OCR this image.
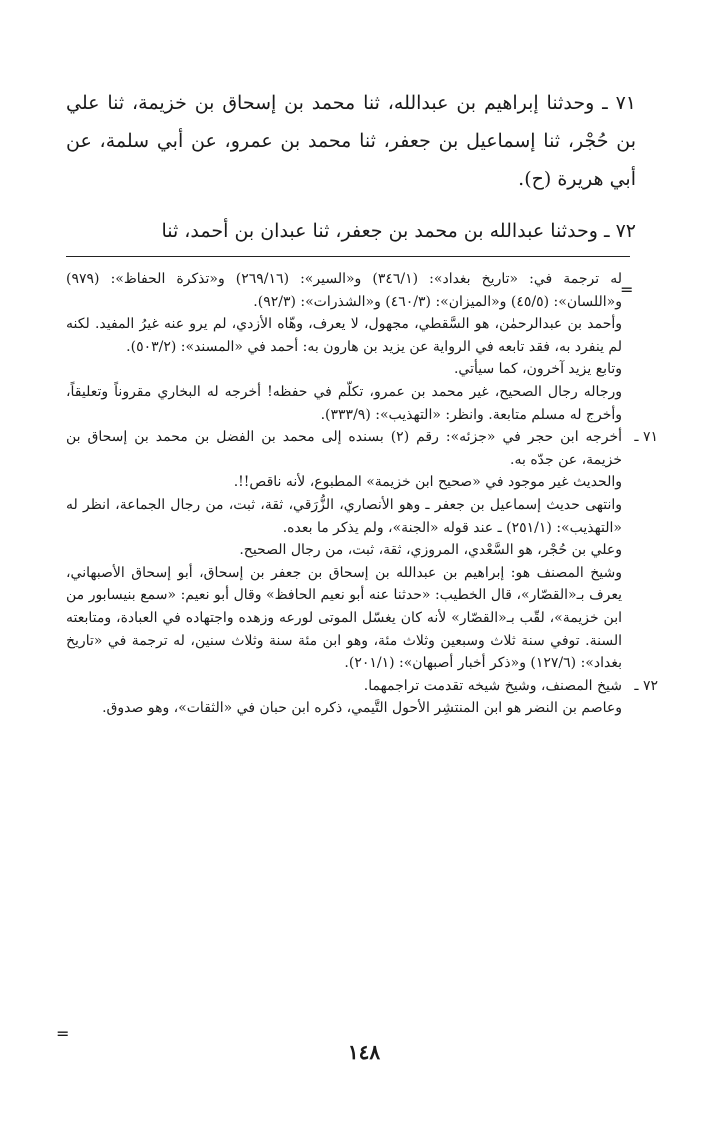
٧١ ـ وحدثنا إبراهيم بن عبدالله، ثنا محمد بن إسحاق بن خزيمة، ثنا علي بن حُجْر، ثنا إسماعيل بن جعفر، ثنا محمد بن عمرو، عن أبي سلمة، عن أبي هريرة (ح).

٧٢ ـ وحدثنا عبدالله بن محمد بن جعفر، ثنا عبدان بن أحمد، ثنا

=

له ترجمة في: «تاريخ بغداد»: (٣٤٦/١) و«السير»: (٢٦٩/١٦) و«تذكرة الحفاظ»: (٩٧٩) و«اللسان»: (٤٥/٥) و«الميزان»: (٤٦٠/٣) و«الشذرات»: (٩٢/٣).

وأحمد بن عبدالرحمٰن، هو السَّقطي، مجهول، لا يعرف، وهّاه الأزدي، لم يرو عنه غيرُ المفيد. لكنه لم ينفرد به، فقد تابعه في الرواية عن يزيد بن هارون به: أحمد في «المسند»: (٥٠٣/٢).

وتابع يزيد آخرون، كما سيأتي.

ورجاله رجال الصحيح، غير محمد بن عمرو، تكلّم في حفظه! أخرجه له البخاري مقروناً وتعليقاً، وأخرج له مسلم متابعة. وانظر: «التهذيب»: (٣٣٣/٩).

٧١ ـ

أخرجه ابن حجر في «جزئه»: رقم (٢) بسنده إلى محمد بن الفضل بن محمد بن إسحاق بن خزيمة، عن جدّه به.

والحديث غير موجود في «صحيح ابن خزيمة» المطبوع، لأنه ناقص!!.

وانتهى حديث إسماعيل بن جعفر ـ وهو الأنصاري، الزُّرَقي، ثقة، ثبت، من رجال الجماعة، انظر له «التهذيب»: (٢٥١/١) ـ عند قوله «الجنة»، ولم يذكر ما بعده.

وعلي بن حُجْر، هو السَّعْدي، المروزي، ثقة، ثبت، من رجال الصحيح.

وشيخ المصنف هو: إبراهيم بن عبدالله بن إسحاق بن جعفر بن إسحاق، أبو إسحاق الأصبهاني، يعرف بـ«القصّار»، قال الخطيب: «حدثنا عنه أبو نعيم الحافظ» وقال أبو نعيم: «سمع بنيسابور من ابن خزيمة»، لقّب بـ«القصّار» لأنه كان يغسّل الموتى لورعه وزهده واجتهاده في العبادة، ومتابعته السنة. توفي سنة ثلاث وسبعين وثلاث مئة، وهو ابن مئة سنة وثلاث سنين، له ترجمة في «تاريخ بغداد»: (١٢٧/٦) و«ذكر أخبار أصبهان»: (٢٠١/١).

٧٢ ـ

شيخ المصنف، وشيخ شيخه تقدمت تراجمهما.

وعاصم بن النضر هو ابن المنتشِر الأحول التَّيمي، ذكره ابن حبان في «الثقات»، وهو صدوق.

=
١٤٨
